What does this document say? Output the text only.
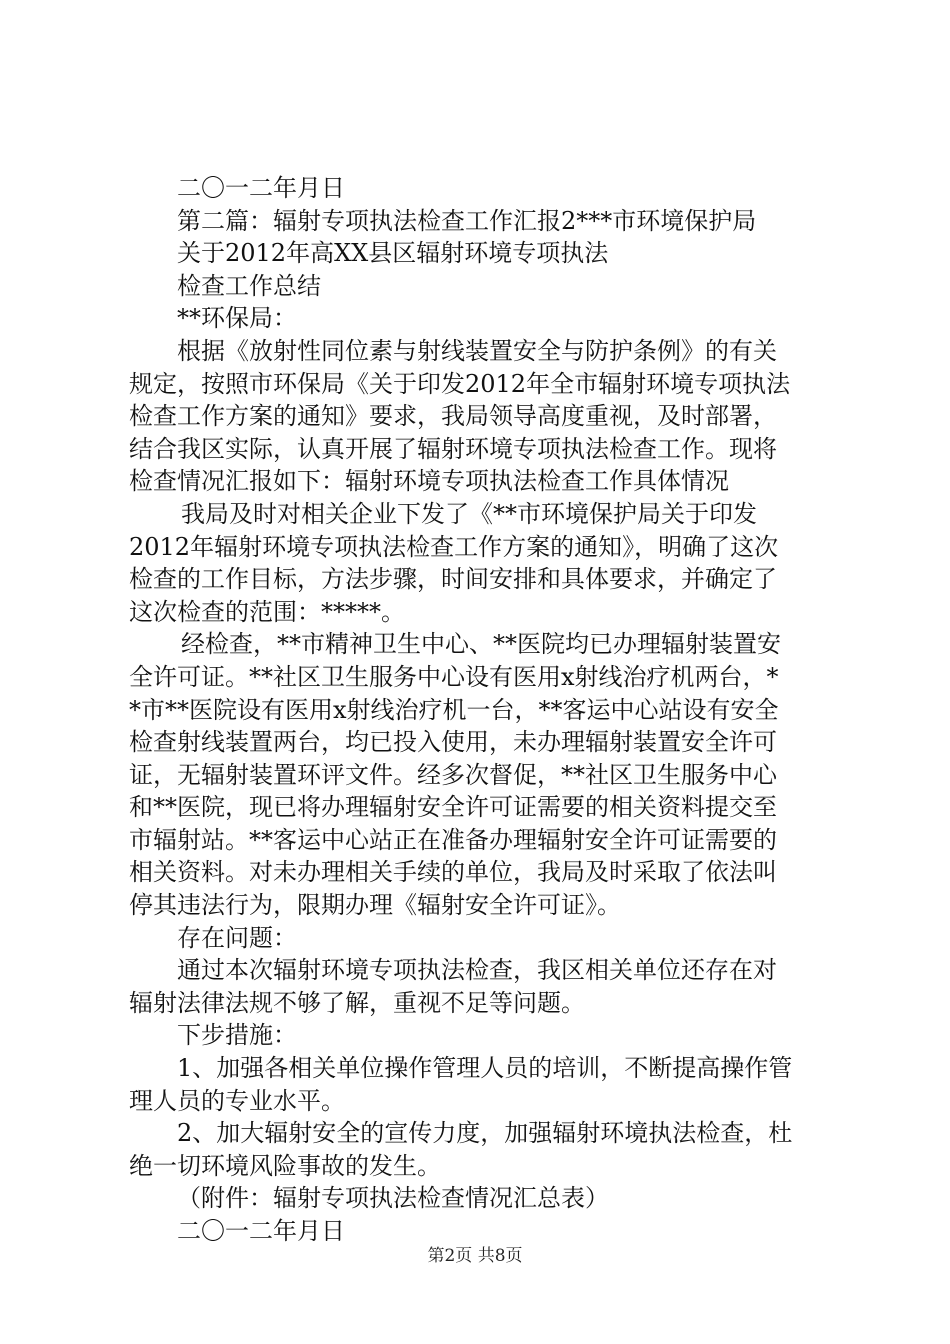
二〇一二年月日
第二篇：辐射专项执法检查工作汇报2***市环境保护局
关于2012年高XX县区辐射环境专项执法
检查工作总结
**环保局：
根据《放射性同位素与射线装置安全与防护条例》的有关
规定，按照市环保局《关于印发2012年全市辐射环境专项执法
检查工作方案的通知》要求，我局领导高度重视，及时部署，
结合我区实际，认真开展了辐射环境专项执法检查工作。现将
检查情况汇报如下：辐射环境专项执法检查工作具体情况
我局及时对相关企业下发了《**市环境保护局关于印发
2012年辐射环境专项执法检查工作方案的通知》，明确了这次
检查的工作目标，方法步骤，时间安排和具体要求，并确定了
这次检查的范围：*****。
经检查，**市精神卫生中心、**医院均已办理辐射装置安
全许可证。**社区卫生服务中心设有医用x射线治疗机两台，*
*市**医院设有医用x射线治疗机一台，**客运中心站设有安全
检查射线装置两台，均已投入使用，未办理辐射装置安全许可
证，无辐射装置环评文件。经多次督促，**社区卫生服务中心
和**医院，现已将办理辐射安全许可证需要的相关资料提交至
市辐射站。**客运中心站正在准备办理辐射安全许可证需要的
相关资料。对未办理相关手续的单位，我局及时采取了依法叫
停其违法行为，限期办理《辐射安全许可证》。
存在问题：
通过本次辐射环境专项执法检查，我区相关单位还存在对
辐射法律法规不够了解，重视不足等问题。
下步措施：
1、加强各相关单位操作管理人员的培训，不断提高操作管
理人员的专业水平。
2、加大辐射安全的宣传力度，加强辐射环境执法检查，杜
绝一切环境风险事故的发生。
（附件：辐射专项执法检查情况汇总表）
二〇一二年月日
第2页 共8页
